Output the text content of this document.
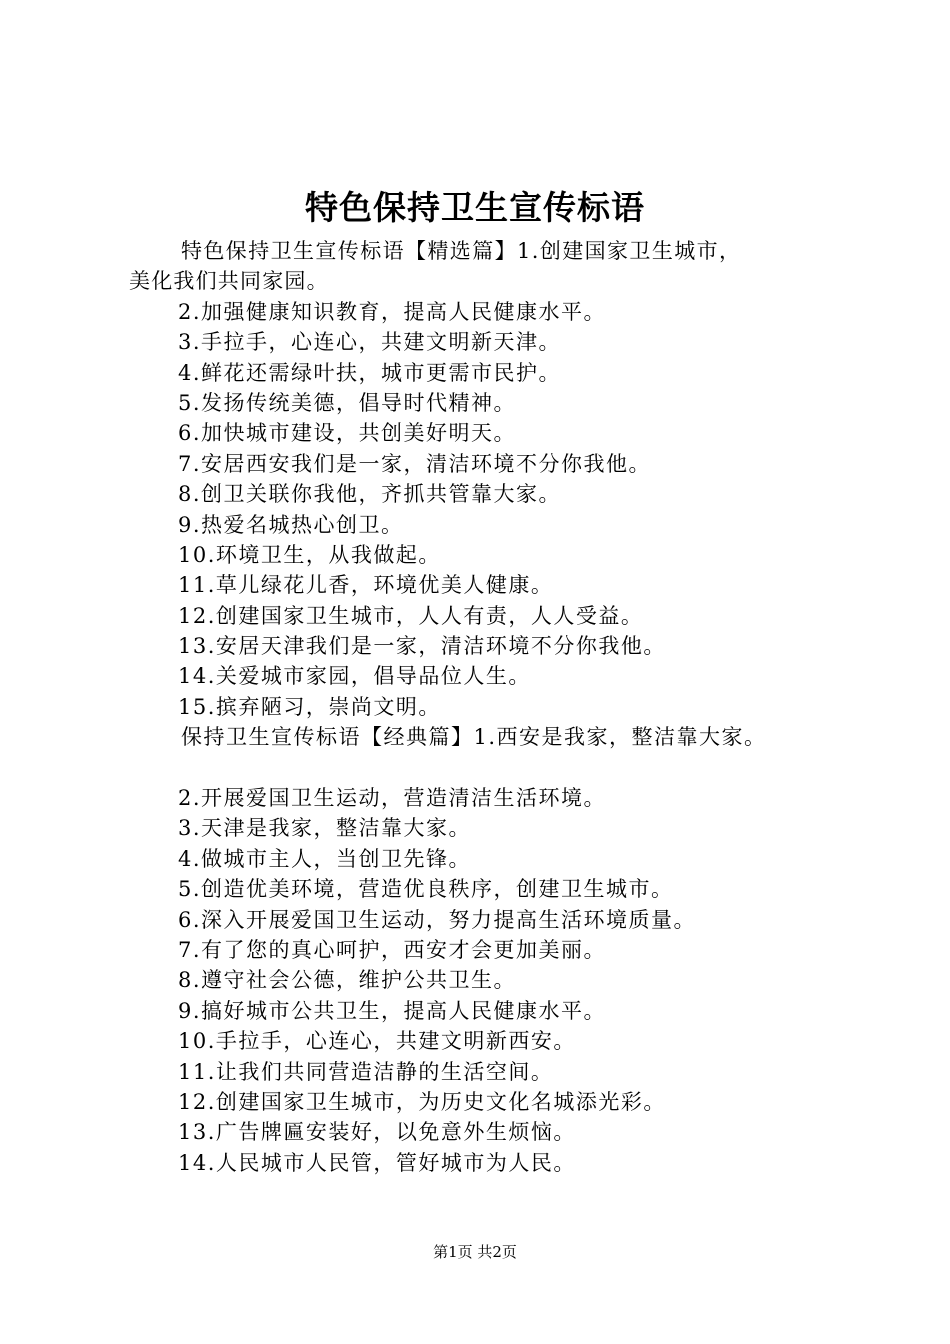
特色保持卫生宣传标语
特色保持卫生宣传标语【精选篇】1.创建国家卫生城市，
美化我们共同家园。
2.加强健康知识教育，提高人民健康水平。
3.手拉手，心连心，共建文明新天津。
4.鲜花还需绿叶扶，城市更需市民护。
5.发扬传统美德，倡导时代精神。
6.加快城市建设，共创美好明天。
7.安居西安我们是一家，清洁环境不分你我他。
8.创卫关联你我他，齐抓共管靠大家。
9.热爱名城热心创卫。
10.环境卫生，从我做起。
11.草儿绿花儿香，环境优美人健康。
12.创建国家卫生城市，人人有责，人人受益。
13.安居天津我们是一家，清洁环境不分你我他。
14.关爱城市家园，倡导品位人生。
15.摈弃陋习，崇尚文明。
保持卫生宣传标语【经典篇】1.西安是我家，整洁靠大家。
2.开展爱国卫生运动，营造清洁生活环境。
3.天津是我家，整洁靠大家。
4.做城市主人，当创卫先锋。
5.创造优美环境，营造优良秩序，创建卫生城市。
6.深入开展爱国卫生运动，努力提高生活环境质量。
7.有了您的真心呵护，西安才会更加美丽。
8.遵守社会公德，维护公共卫生。
9.搞好城市公共卫生，提高人民健康水平。
10.手拉手，心连心，共建文明新西安。
11.让我们共同营造洁静的生活空间。
12.创建国家卫生城市，为历史文化名城添光彩。
13.广告牌匾安装好，以免意外生烦恼。
14.人民城市人民管，管好城市为人民。
第1页 共2页
